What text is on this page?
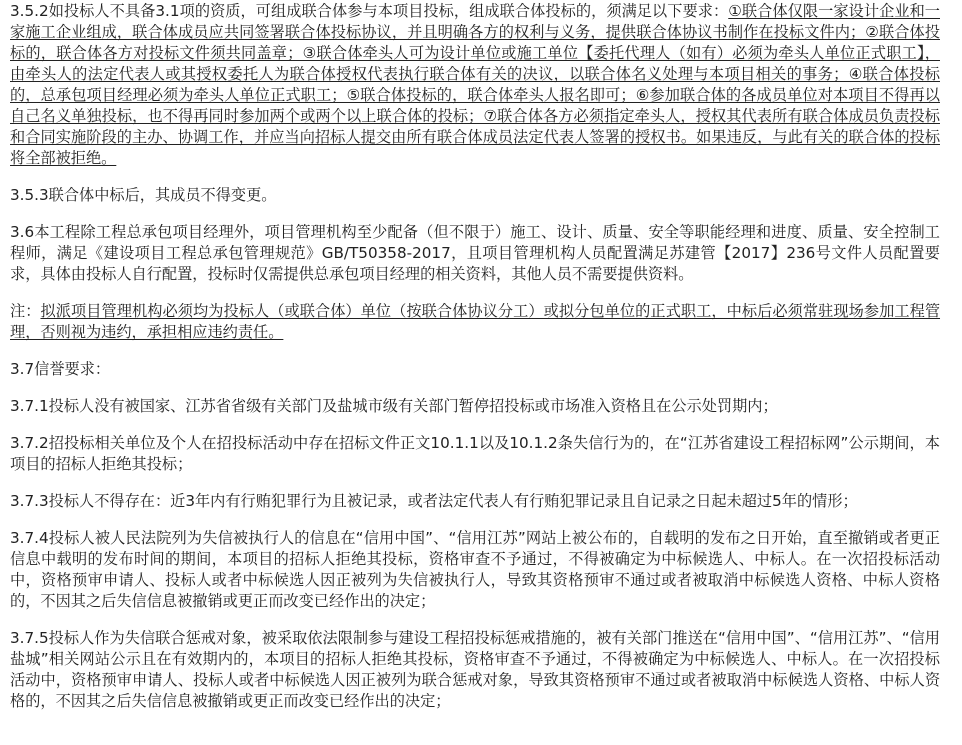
3.5.2如投标人不具备3.1项的资质，可组成联合体参与本项目投标，组成联合体投标的，须满足以下要求：①联合体仅限一家设计企业和一家施工企业组成，联合体成员应共同签署联合体投标协议，并且明确各方的权利与义务，提供联合体协议书制作在投标文件内；②联合体投标的，联合体各方对投标文件须共同盖章；③联合体牵头人可为设计单位或施工单位【委托代理人（如有）必须为牵头人单位正式职工】，由牵头人的法定代表人或其授权委托人为联合体授权代表执行联合体有关的决议，以联合体名义处理与本项目相关的事务；④联合体投标的，总承包项目经理必须为牵头人单位正式职工；⑤联合体投标的，联合体牵头人报名即可；⑥参加联合体的各成员单位对本项目不得再以自己名义单独投标，也不得再同时参加两个或两个以上联合体的投标；⑦联合体各方必须指定牵头人，授权其代表所有联合体成员负责投标和合同实施阶段的主办、协调工作，并应当向招标人提交由所有联合体成员法定代表人签署的授权书。如果违反，与此有关的联合体的投标将全部被拒绝。

3.5.3联合体中标后，其成员不得变更。

3.6本工程除工程总承包项目经理外，项目管理机构至少配备（但不限于）施工、设计、质量、安全等职能经理和进度、质量、安全控制工程师，满足《建设项目工程总承包管理规范》GB/T50358-2017，且项目管理机构人员配置满足苏建管【2017】236号文件人员配置要求，具体由投标人自行配置，投标时仅需提供总承包项目经理的相关资料，其他人员不需要提供资料。

注：拟派项目管理机构必须均为投标人（或联合体）单位（按联合体协议分工）或拟分包单位的正式职工，中标后必须常驻现场参加工程管理，否则视为违约，承担相应违约责任。

3.7信誉要求：

3.7.1投标人没有被国家、江苏省省级有关部门及盐城市级有关部门暂停招投标或市场准入资格且在公示处罚期内；

3.7.2招投标相关单位及个人在招投标活动中存在招标文件正文10.1.1以及10.1.2条失信行为的，在“江苏省建设工程招标网”公示期间，本项目的招标人拒绝其投标；

3.7.3投标人不得存在：近3年内有行贿犯罪行为且被记录，或者法定代表人有行贿犯罪记录且自记录之日起未超过5年的情形；

3.7.4投标人被人民法院列为失信被执行人的信息在“信用中国”、“信用江苏”网站上被公布的，自载明的发布之日开始，直至撤销或者更正信息中载明的发布时间的期间，本项目的招标人拒绝其投标，资格审查不予通过，不得被确定为中标候选人、中标人。在一次招投标活动中，资格预审申请人、投标人或者中标候选人因正被列为失信被执行人，导致其资格预审不通过或者被取消中标候选人资格、中标人资格的，不因其之后失信信息被撤销或更正而改变已经作出的决定；

3.7.5投标人作为失信联合惩戒对象，被采取依法限制参与建设工程招投标惩戒措施的，被有关部门推送在“信用中国”、“信用江苏”、“信用盐城”相关网站公示且在有效期内的，本项目的招标人拒绝其投标，资格审查不予通过，不得被确定为中标候选人、中标人。在一次招投标活动中，资格预审申请人、投标人或者中标候选人因正被列为联合惩戒对象，导致其资格预审不通过或者被取消中标候选人资格、中标人资格的，不因其之后失信信息被撤销或更正而改变已经作出的决定；
